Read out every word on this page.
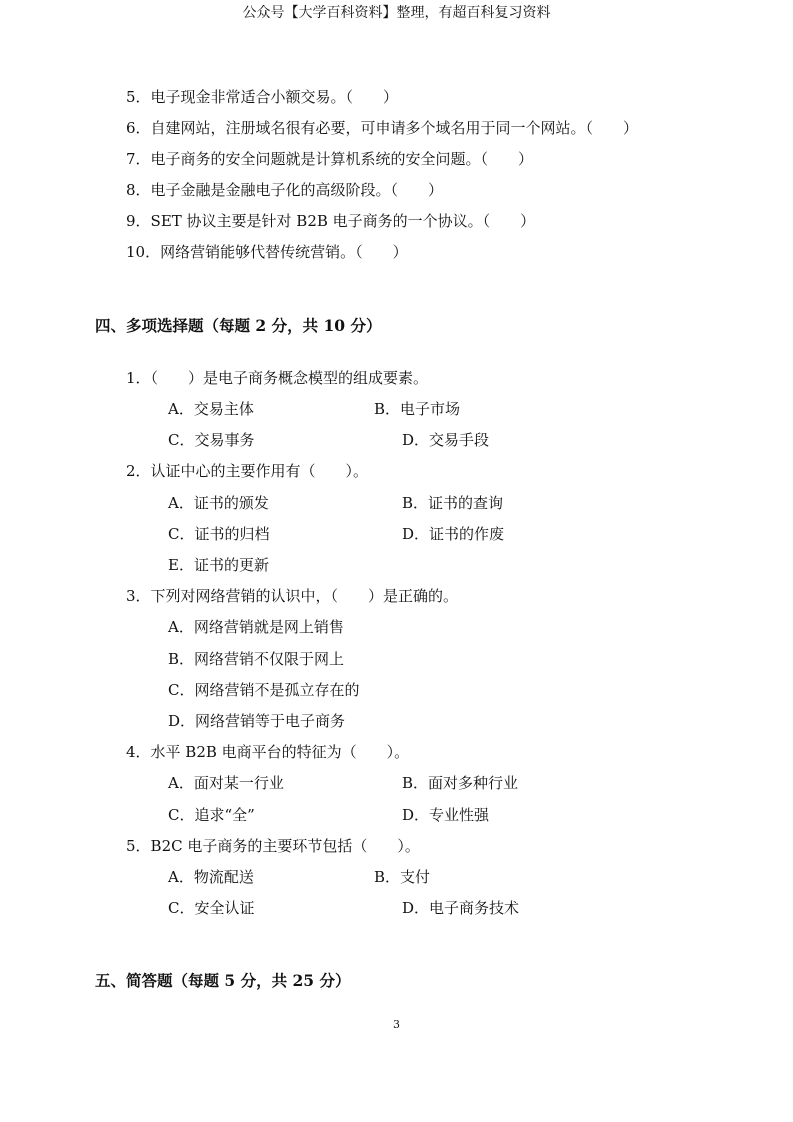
公众号【大学百科资料】整理，有超百科复习资料
5．电子现金非常适合小额交易。（　　）
6．自建网站，注册域名很有必要，可申请多个域名用于同一个网站。（　　）
7．电子商务的安全问题就是计算机系统的安全问题。（　　）
8．电子金融是金融电子化的高级阶段。（　　）
9．SET 协议主要是针对 B2B 电子商务的一个协议。（　　）
10．网络营销能够代替传统营销。（　　）
四、多项选择题（每题 2 分，共 10 分）
1．（　　）是电子商务概念模型的组成要素。
A．交易主体	B．电子市场
C．交易事务	D．交易手段
2．认证中心的主要作用有（　　）。
A．证书的颁发	B．证书的查询
C．证书的归档	D．证书的作废
E．证书的更新
3．下列对网络营销的认识中，（　　）是正确的。
A．网络营销就是网上销售
B．网络营销不仅限于网上
C．网络营销不是孤立存在的
D．网络营销等于电子商务
4．水平 B2B 电商平台的特征为（　　）。
A．面对某一行业	B．面对多种行业
C．追求“全”	D．专业性强
5．B2C 电子商务的主要环节包括（　　）。
A．物流配送	B．支付
C．安全认证	D．电子商务技术
五、简答题（每题 5 分，共 25 分）
3
